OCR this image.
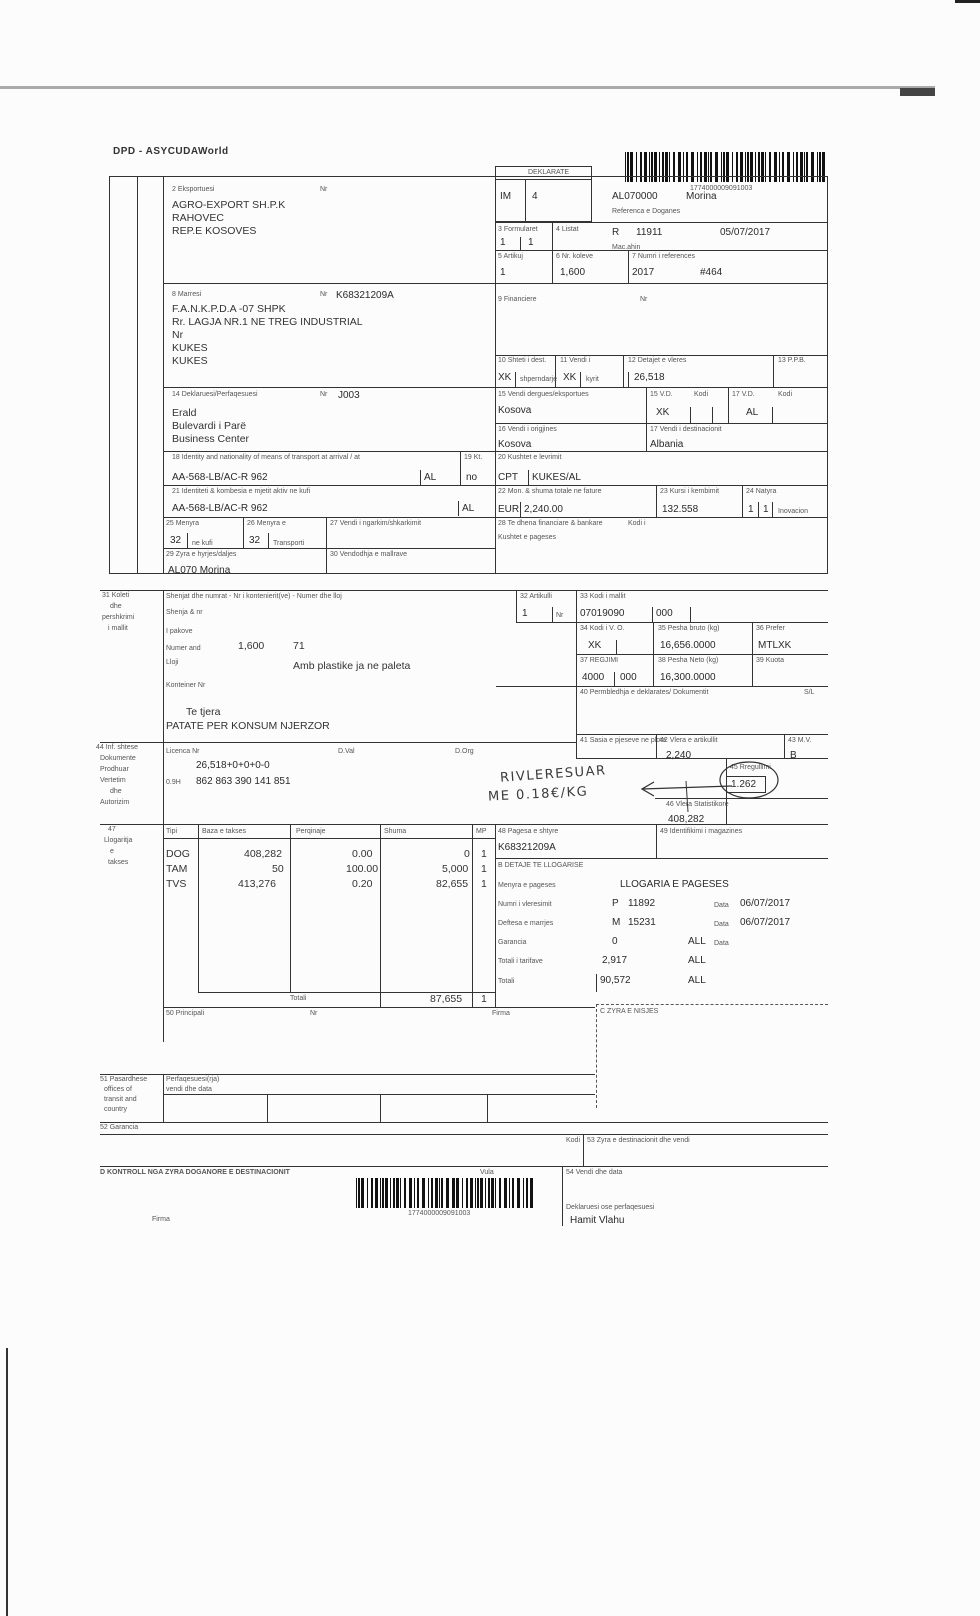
DPD - ASYCUDAWorld
1774000009091003
DEKLARATE
IM 4	AL070000	Morina
Referenca e Doganes
3 Formularet	4 Listat
1 1
R 11911	05/07/2017
Mac.ahin
5 Artikuj
1
6 Nr. koleve
1,600
7 Numri i references
2017	#464
2 Eksportuesi	Nr
AGRO-EXPORT SH.P.K
RAHOVEC
REP.E KOSOVES
8 Marresi	Nr K68321209A
F.A.N.K.P.D.A -07 SHPK
Rr. LAGJA NR.1 NE TREG INDUSTRIAL
Nr
KUKES
KUKES
9 Financiere	Nr
10 Shteti i dest. 11 Vendi i	12 Detajet e vleres	13 P.P.B.
XK shperndarje XK kyrit	26,518
14 Deklaruesi/Perfaqesuesi	Nr J003
Erald
Bulevardi i Parë
Business Center
15 Vendi dergues/eksportues
Kosova
15 V.D.	Kodi	17 V.D.	Kodi
XK	AL
16 Vendi i origjines
Kosova
17 Vendi i destinacionit
Albania
18 Identity and nationality of means of transport at arrival / at
AA-568-LB/AC-R 962	AL
19 Kt.
no
20 Kushtet e levrimit
CPT KUKES/AL
21 Identiteti & kombesia e mjetit aktiv ne kufi
AA-568-LB/AC-R 962	AL
22 Mon. & shuma totale ne fature
EUR 2,240.00
23 Kursi i kembimit
132.558
24 Natyra
1 1 Inovacion
25 Menyra
32 ne kufi
26 Menyra e
32 Transporti
27 Vendi i ngarkim/shkarkimit	28 Te dhena financiare & bankare	Kodi i
Kushtet e pageses
29 Zyra e hyrjes/daljes
AL070 Morina
30 Vendodhja e mallrave
31 Koleti
dhe
pershkrimi
i mallit
Shenjat dhe numrat - Nr i kontenierit(ve) - Numer dhe lloj
Shenja & nr
I pakove
Numer and	1,600	71
Lloji	Amb plastike ja ne paleta
Konteiner Nr
Te tjera
PATATE PER KONSUM NJERZOR
32 Artikulli
1	Nr
33 Kodi i mallit
07019090	000
34 Kodi i V. O.
XK
35 Pesha bruto (kg)
16,656.0000
36 Prefer
MTLXK
37 REGJIMI
4000 000
38 Pesha Neto (kg)
16,300.0000
39 Kuota
40 Permbledhja e deklarates/ Dokumentit	S/L
41 Sasia e pjeseve ne plota
42 Vlera e artikullit
2,240
43 M.V.
B
44 Inf. shtese
Dokumente
Prodhuar
Vertetim
dhe
Autorizim
Licenca Nr	D.Val	D.Org
26,518+0+0+0-0
0.9H 862 863 390 141 851	RIVLERESUAR
ME 0.18€/KG
45 Rregullimi
1.262
46 Vlera Statistikore
408,282
47
Llogaritja
e
takses
Tipi	Baza e takses	Perqinaje	Shuma	MP
DOG	408,282	0.00	0 1
TAM	50	100.00	5,000 1
TVS	413,276	0.20	82,655 1
Totali	87,655 1
48 Pagesa e shtyre
K68321209A
49 Identifikimi i magazines
B DETAJE TE LLOGARISE
Menyra e pageses	LLOGARIA E PAGESES
Numri i vleresimit	P 11892	Data 06/07/2017
Deftesa e marrjes	M 15231	Data 06/07/2017
Garancia	0	ALL Data
Totali i tarifave	2,917	ALL
Totali	90,572	ALL
50 Principali	Nr	Firma	C ZYRA E NISJES
51 Pasardhese
offices of
transit and
country
Perfaqesuesi(rja)
vendi dhe data
52 Garancia
Kodi 53 Zyra e destinacionit dhe vendi
D KONTROLL NGA ZYRA DOGANORE E DESTINACIONIT	Vula	54 Vendi dhe data
1774000009091003
Firma
Deklaruesi ose perfaqesuesi
Hamit Vlahu
